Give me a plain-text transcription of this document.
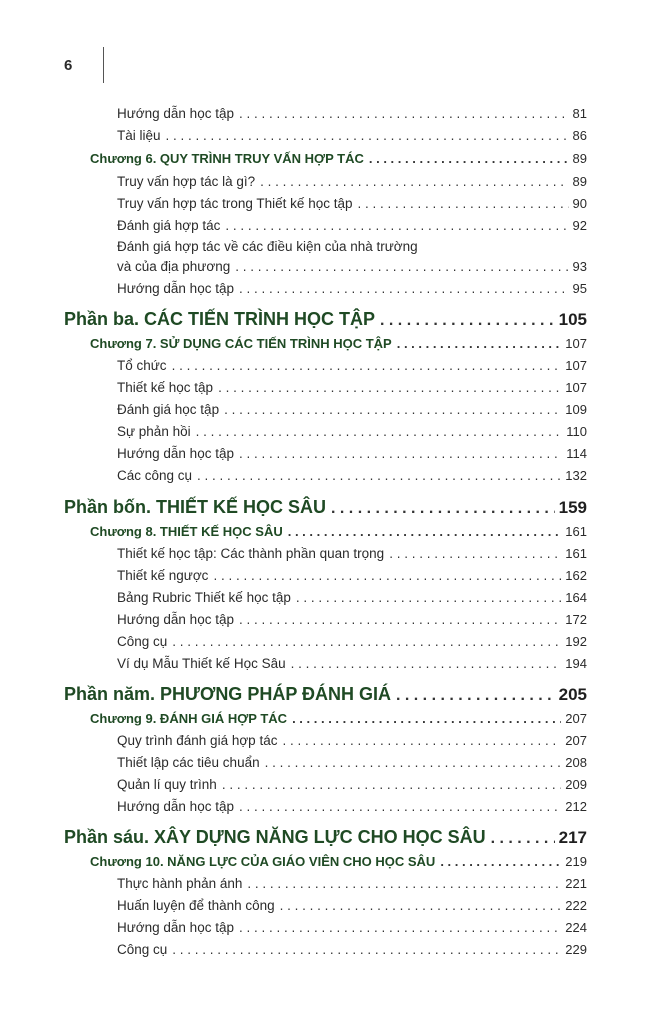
6
Hướng dẫn học tập . . .	81
Tài liệu . . .	86
Chương 6. QUY TRÌNH TRUY VẤN HỢP TÁC . . .	89
Truy vấn hợp tác là gì? . . .	89
Truy vấn hợp tác trong Thiết kế học tập . . .	90
Đánh giá hợp tác . . .	92
Đánh giá hợp tác về các điều kiện của nhà trường
và của địa phương . . .	93
Hướng dẫn học tập . . .	95
Phần ba. CÁC TIẾN TRÌNH HỌC TẬP . . .	105
Chương 7. SỬ DỤNG CÁC TIẾN TRÌNH HỌC TẬP . . .	107
Tổ chức . . .	107
Thiết kế học tập . . .	107
Đánh giá học tập . . .	109
Sự phản hồi . . .	110
Hướng dẫn học tập . . .	114
Các công cụ . . .	132
Phần bốn. THIẾT KẾ HỌC SÂU . . .	159
Chương 8. THIẾT KẾ HỌC SÂU . . .	161
Thiết kế học tập: Các thành phần quan trọng . . .	161
Thiết kế ngược . . .	162
Bảng Rubric Thiết kế học tập . . .	164
Hướng dẫn học tập . . .	172
Công cụ . . .	192
Ví dụ Mẫu Thiết kế Học Sâu . . .	194
Phần năm. PHƯƠNG PHÁP ĐÁNH GIÁ . . .	205
Chương 9. ĐÁNH GIÁ HỢP TÁC . . .	207
Quy trình đánh giá hợp tác . . .	207
Thiết lập các tiêu chuẩn . . .	208
Quản lí quy trình . . .	209
Hướng dẫn học tập . . .	212
Phần sáu. XÂY DỰNG NĂNG LỰC CHO HỌC SÂU . . .	217
Chương 10. NĂNG LỰC CỦA GIÁO VIÊN CHO HỌC SÂU . . .	219
Thực hành phản ánh . . .	221
Huấn luyện để thành công . . .	222
Hướng dẫn học tập . . .	224
Công cụ . . .	229
